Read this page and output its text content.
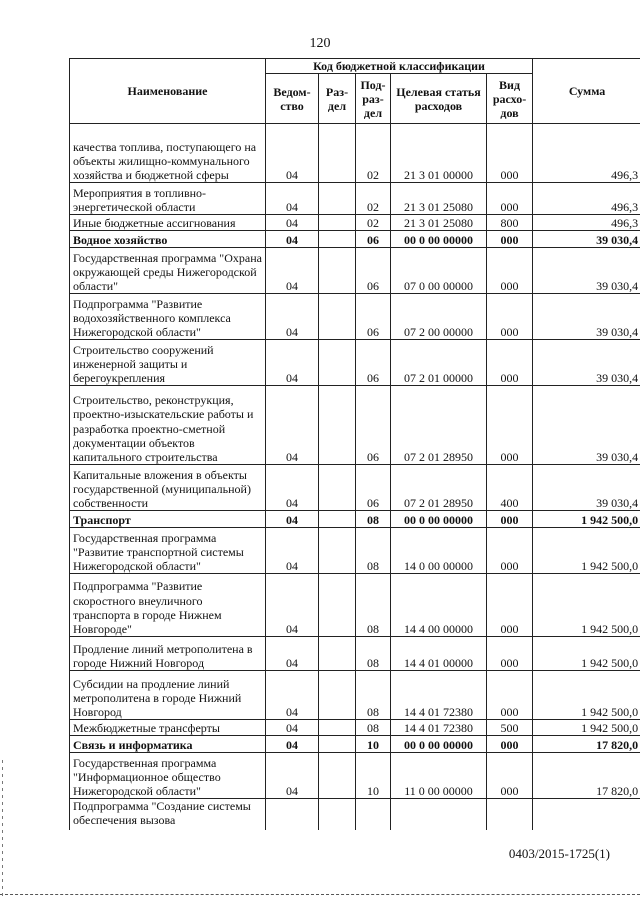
120
Наименование	Код бюджетной классификации					Сумма
	Ведом-ство	Раз-дел	Под-раз-дел	Целевая статья расходов	Вид расхо-дов	
качества топлива, поступающего на объекты жилищно-коммунального хозяйства и бюджетной сферы	04		02	21 3 01 00000	000	496,3
Мероприятия в топливно-энергетической области	04		02	21 3 01 25080	000	496,3
Иные бюджетные ассигнования	04		02	21 3 01 25080	800	496,3
Водное хозяйство	04		06	00 0 00 00000	000	39 030,4
Государственная программа "Охрана окружающей среды Нижегородской области"	04		06	07 0 00 00000	000	39 030,4
Подпрограмма "Развитие водохозяйственного комплекса Нижегородской области"	04		06	07 2 00 00000	000	39 030,4
Строительство сооружений инженерной защиты и берегоукрепления	04		06	07 2 01 00000	000	39 030,4
Строительство, реконструкция, проектно-изыскательские работы и разработка проектно-сметной документации объектов капитального строительства	04		06	07 2 01 28950	000	39 030,4
Капитальные вложения в объекты государственной (муниципальной) собственности	04		06	07 2 01 28950	400	39 030,4
Транспорт	04		08	00 0 00 00000	000	1 942 500,0
Государственная программа "Развитие транспортной системы Нижегородской области"	04		08	14 0 00 00000	000	1 942 500,0
Подпрограмма "Развитие скоростного внеуличного транспорта в городе Нижнем Новгороде"	04		08	14 4 00 00000	000	1 942 500,0
Продление линий метрополитена в городе Нижний Новгород	04		08	14 4 01 00000	000	1 942 500,0
Субсидии на продление линий метрополитена в городе Нижний Новгород	04		08	14 4 01 72380	000	1 942 500,0
Межбюджетные трансферты	04		08	14 4 01 72380	500	1 942 500,0
Связь и информатика	04		10	00 0 00 00000	000	17 820,0
Государственная программа "Информационное общество Нижегородской области"	04		10	11 0 00 00000	000	17 820,0
Подпрограмма "Создание системы обеспечения вызова						
0403/2015-1725(1)
